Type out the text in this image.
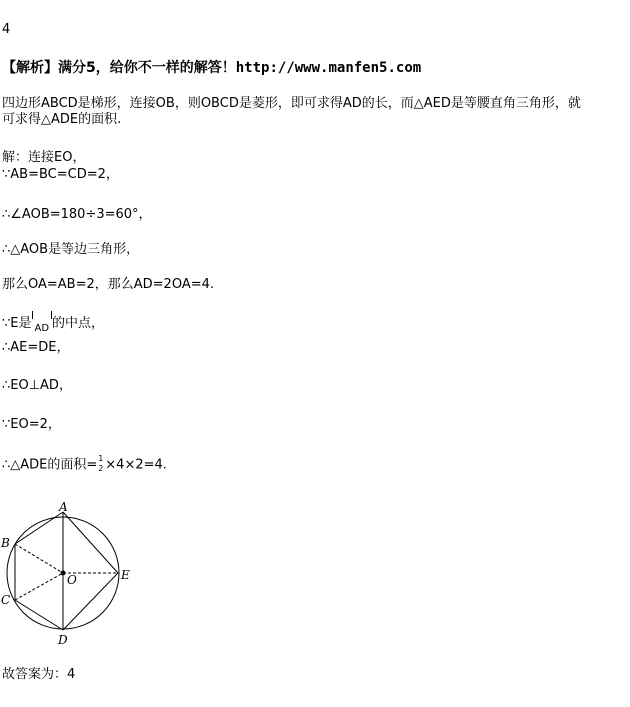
4
【解析】满分5，给你不一样的解答！http://www.manfen5.com
四边形ABCD是梯形，连接OB，则OBCD是菱形，即可求得AD的长，而△AED是等腰直角三角形，就
可求得△ADE的面积.
解：连接EO，
∵AB=BC=CD=2，
∴∠AOB=180÷3=60°，
∴△AOB是等边三角形，
那么OA=AB=2，那么AD=2OA=4.
∵E是 AD 的中点，
∴AE=DE，
∴EO⊥AD，
∵EO=2，
∴△ADE的面积= 1
2 ×4×2=4.
A
B
C
D
E
O
故答案为：4
